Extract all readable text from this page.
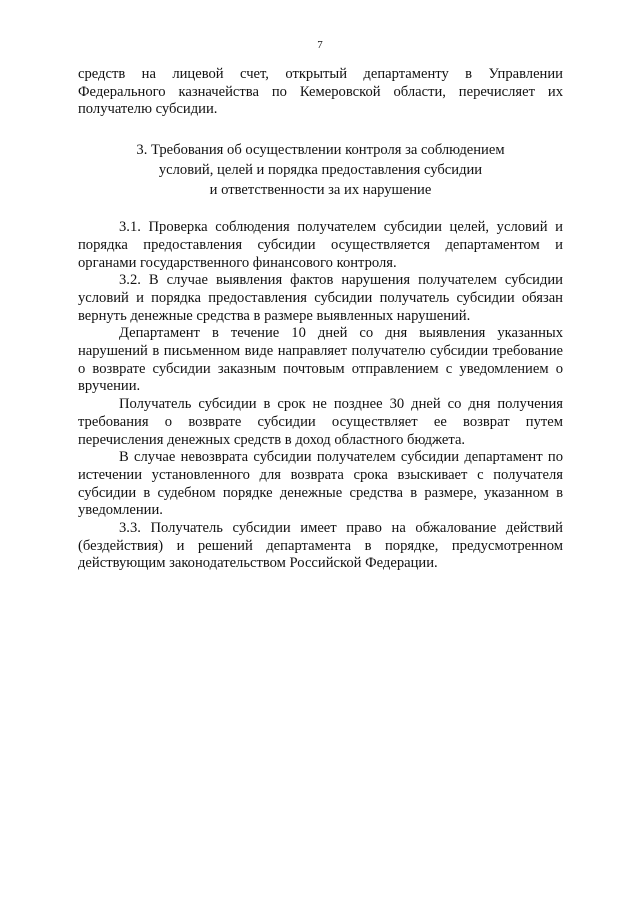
7

средств на лицевой счет, открытый департаменту в Управлении Федерального казначейства по Кемеровской области, перечисляет их получателю субсидии.

3. Требования об осуществлении контроля за соблюдением

условий, целей и порядка предоставления субсидии

и ответственности за их нарушение

3.1. Проверка соблюдения получателем субсидии целей, условий и порядка предоставления субсидии осуществляется департаментом и органами государственного финансового контроля.

3.2. В случае выявления фактов нарушения получателем субсидии условий и порядка предоставления субсидии получатель субсидии обязан вернуть денежные средства в размере выявленных нарушений.

Департамент в течение 10 дней со дня выявления указанных нарушений в письменном виде направляет получателю субсидии требование о возврате субсидии заказным почтовым отправлением с уведомлением о вручении.

Получатель субсидии в срок не позднее 30 дней со дня получения требования о возврате субсидии осуществляет ее возврат путем перечисления денежных средств в доход областного бюджета.

В случае невозврата субсидии получателем субсидии департамент по истечении установленного для возврата срока взыскивает с получателя субсидии в судебном порядке денежные средства в размере, указанном в уведомлении.

3.3. Получатель субсидии имеет право на обжалование действий (бездействия) и решений департамента в порядке, предусмотренном действующим законодательством Российской Федерации.
